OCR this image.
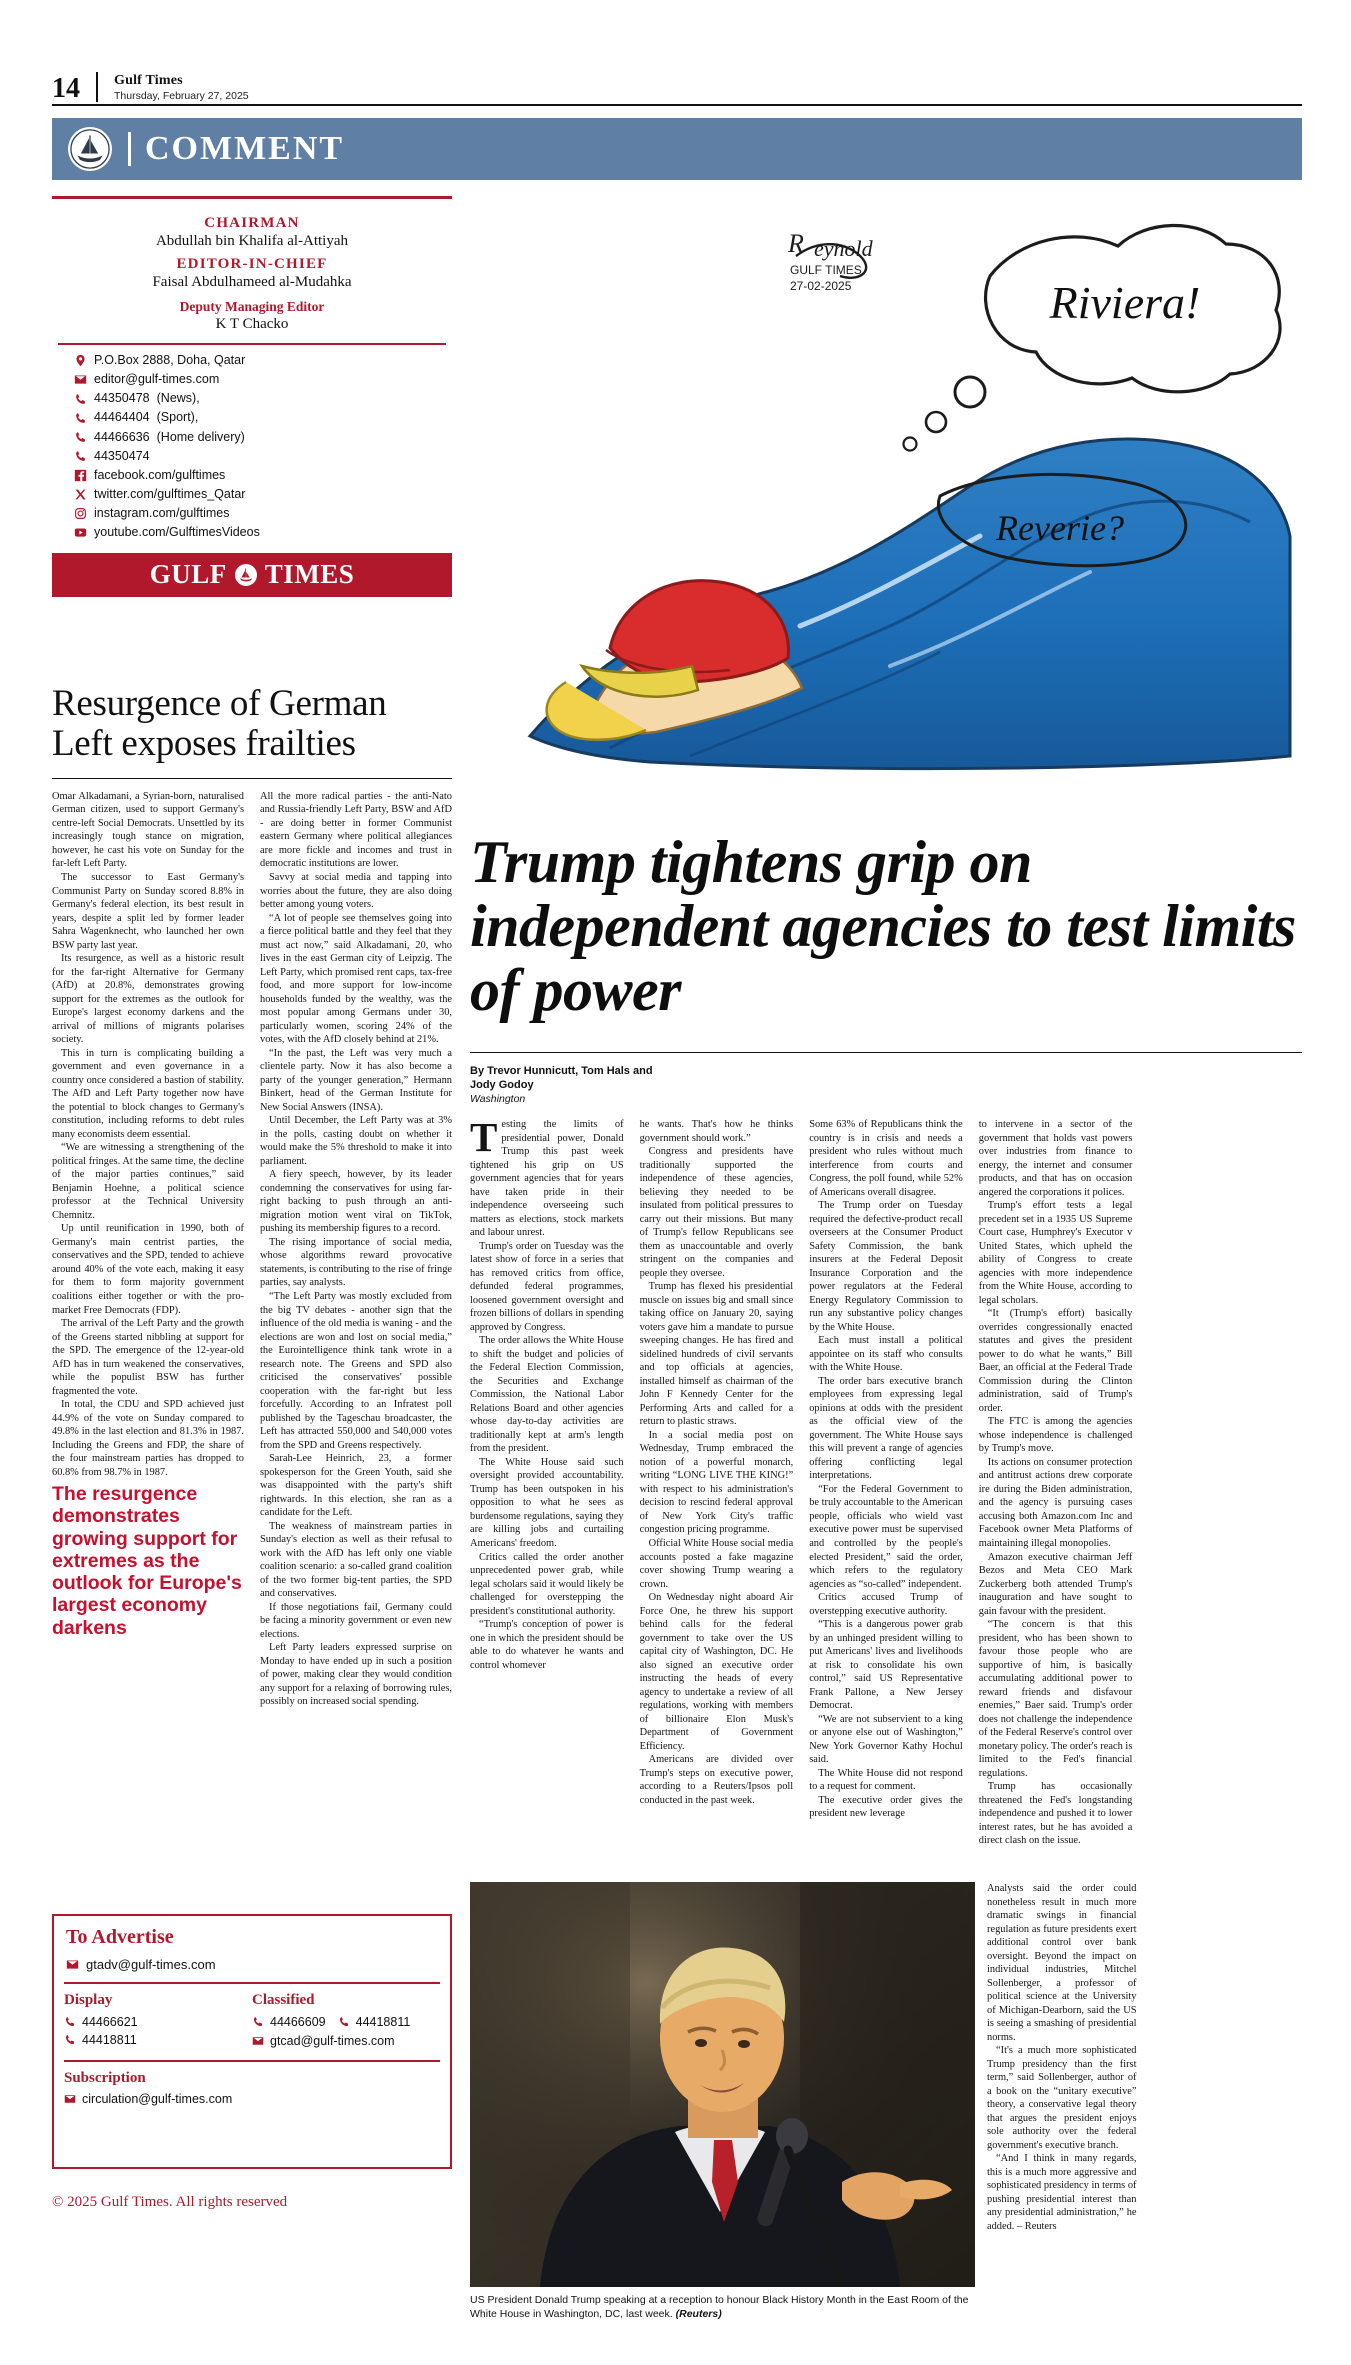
14 Gulf Times
Thursday, February 27, 2025
COMMENT
CHAIRMAN
Abdullah bin Khalifa al-Attiyah
EDITOR-IN-CHIEF
Faisal Abdulhameed al-Mudahka
Deputy Managing Editor
K T Chacko
P.O.Box 2888, Doha, Qatar
editor@gulf-times.com
44350478 (News),
44464404 (Sport),
44466636 (Home delivery)
44350474
facebook.com/gulftimes
twitter.com/gulftimes_Qatar
instagram.com/gulftimes
youtube.com/GulftimesVideos
GULF TIMES
Resurgence of German Left exposes frailties

Omar Alkadamani, a Syrian-born, naturalised German citizen, used to support Germany's centre-left Social Democrats. Unsettled by its increasingly tough stance on migration, however, he cast his vote on Sunday for the far-left Left Party.

The successor to East Germany's Communist Party on Sunday scored 8.8% in Germany's federal election, its best result in years, despite a split led by former leader Sahra Wagenknecht, who launched her own BSW party last year.

Its resurgence, as well as a historic result for the far-right Alternative for Germany (AfD) at 20.8%, demonstrates growing support for the extremes as the outlook for Europe's largest economy darkens and the arrival of millions of migrants polarises society.

This in turn is complicating building a government and even governance in a country once considered a bastion of stability. The AfD and Left Party together now have the potential to block changes to Germany's constitution, including reforms to debt rules many economists deem essential.

“We are witnessing a strengthening of the political fringes. At the same time, the decline of the major parties continues,” said Benjamin Hoehne, a political science professor at the Technical University Chemnitz.

Up until reunification in 1990, both of Germany's main centrist parties, the conservatives and the SPD, tended to achieve around 40% of the vote each, making it easy for them to form majority government coalitions either together or with the pro-market Free Democrats (FDP).

The arrival of the Left Party and the growth of the Greens started nibbling at support for the SPD. The emergence of the 12-year-old AfD has in turn weakened the conservatives, while the populist BSW has further fragmented the vote.

In total, the CDU and SPD achieved just 44.9% of the vote on Sunday compared to 49.8% in the last election and 81.3% in 1987. Including the Greens and FDP, the share of the four mainstream parties has dropped to 60.8% from 98.7% in 1987.

The resurgence demonstrates growing support for extremes as the outlook for Europe's largest economy darkens

All the more radical parties - the anti-Nato and Russia-friendly Left Party, BSW and AfD - are doing better in former Communist eastern Germany where political allegiances are more fickle and incomes and trust in democratic institutions are lower.

Savvy at social media and tapping into worries about the future, they are also doing better among young voters.

“A lot of people see themselves going into a fierce political battle and they feel that they must act now,” said Alkadamani, 20, who lives in the east German city of Leipzig. The Left Party, which promised rent caps, tax-free food, and more support for low-income households funded by the wealthy, was the most popular among Germans under 30, particularly women, scoring 24% of the votes, with the AfD closely behind at 21%.

“In the past, the Left was very much a clientele party. Now it has also become a party of the younger generation,” Hermann Binkert, head of the German Institute for New Social Answers (INSA).

Until December, the Left Party was at 3% in the polls, casting doubt on whether it would make the 5% threshold to make it into parliament.

A fiery speech, however, by its leader condemning the conservatives for using far-right backing to push through an anti-migration motion went viral on TikTok, pushing its membership figures to a record.

The rising importance of social media, whose algorithms reward provocative statements, is contributing to the rise of fringe parties, say analysts.

“The Left Party was mostly excluded from the big TV debates - another sign that the influence of the old media is waning - and the elections are won and lost on social media,” the Eurointelligence think tank wrote in a research note. The Greens and SPD also criticised the conservatives' possible cooperation with the far-right but less forcefully. According to an Infratest poll published by the Tageschau broadcaster, the Left has attracted 550,000 and 540,000 votes from the SPD and Greens respectively.

Sarah-Lee Heinrich, 23, a former spokesperson for the Green Youth, said she was disappointed with the party's shift rightwards. In this election, she ran as a candidate for the Left.

The weakness of mainstream parties in Sunday's election as well as their refusal to work with the AfD has left only one viable coalition scenario: a so-called grand coalition of the two former big-tent parties, the SPD and conservatives.

If those negotiations fail, Germany could be facing a minority government or even new elections.

Left Party leaders expressed surprise on Monday to have ended up in such a position of power, making clear they would condition any support for a relaxing of borrowing rules, possibly on increased social spending.

To Advertise
gtadv@gulf-times.com
Display
44466621
44418811
Classified
44466609 44418811
gtcad@gulf-times.com
Subscription
circulation@gulf-times.com
© 2025 Gulf Times. All rights reserved
Riviera!
Reverie?
R eynold
GULF TIMES
27-02-2025
Trump tightens grip on independent agencies to test limits of power
By Trevor Hunnicutt, Tom Hals and Jody Godoy
Washington

Testing the limits of presidential power, Donald Trump this past week tightened his grip on US government agencies that for years have taken pride in their independence overseeing such matters as elections, stock markets and labour unrest.

Trump's order on Tuesday was the latest show of force in a series that has removed critics from office, defunded federal programmes, loosened government oversight and frozen billions of dollars in spending approved by Congress.

The order allows the White House to shift the budget and policies of the Federal Election Commission, the Securities and Exchange Commission, the National Labor Relations Board and other agencies whose day-to-day activities are traditionally kept at arm's length from the president.

The White House said such oversight provided accountability. Trump has been outspoken in his opposition to what he sees as burdensome regulations, saying they are killing jobs and curtailing Americans' freedom.

Critics called the order another unprecedented power grab, while legal scholars said it would likely be challenged for overstepping the president's constitutional authority.

“Trump's conception of power is one in which the president should be able to do whatever he wants and control whomever

he wants. That's how he thinks government should work.”

Congress and presidents have traditionally supported the independence of these agencies, believing they needed to be insulated from political pressures to carry out their missions. But many of Trump's fellow Republicans see them as unaccountable and overly stringent on the companies and people they oversee.

Trump has flexed his presidential muscle on issues big and small since taking office on January 20, saying voters gave him a mandate to pursue sweeping changes. He has fired and sidelined hundreds of civil servants and top officials at agencies, installed himself as chairman of the John F Kennedy Center for the Performing Arts and called for a return to plastic straws.

In a social media post on Wednesday, Trump embraced the notion of a powerful monarch, writing “LONG LIVE THE KING!” with respect to his administration's decision to rescind federal approval of New York City's traffic congestion pricing programme.

Official White House social media accounts posted a fake magazine cover showing Trump wearing a crown.

On Wednesday night aboard Air Force One, he threw his support behind calls for the federal government to take over the US capital city of Washington, DC. He also signed an executive order instructing the heads of every agency to undertake a review of all regulations, working with members of billionaire Elon Musk's Department of Government Efficiency.

Americans are divided over Trump's steps on executive power, according to a Reuters/Ipsos poll conducted in the past week.

Some 63% of Republicans think the country is in crisis and needs a president who rules without much interference from courts and Congress, the poll found, while 52% of Americans overall disagree.

The Trump order on Tuesday required the defective-product recall overseers at the Consumer Product Safety Commission, the bank insurers at the Federal Deposit Insurance Corporation and the power regulators at the Federal Energy Regulatory Commission to run any substantive policy changes by the White House.

Each must install a political appointee on its staff who consults with the White House.

The order bars executive branch employees from expressing legal opinions at odds with the president as the official view of the government. The White House says this will prevent a range of agencies offering conflicting legal interpretations.

“For the Federal Government to be truly accountable to the American people, officials who wield vast executive power must be supervised and controlled by the people's elected President,” said the order, which refers to the regulatory agencies as “so-called” independent.

Critics accused Trump of overstepping executive authority.

“This is a dangerous power grab by an unhinged president willing to put Americans' lives and livelihoods at risk to consolidate his own control,” said US Representative Frank Pallone, a New Jersey Democrat.

“We are not subservient to a king or anyone else out of Washington,” New York Governor Kathy Hochul said.

The White House did not respond to a request for comment.

The executive order gives the president new leverage

to intervene in a sector of the government that holds vast powers over industries from finance to energy, the internet and consumer products, and that has on occasion angered the corporations it polices.

Trump's effort tests a legal precedent set in a 1935 US Supreme Court case, Humphrey's Executor v United States, which upheld the ability of Congress to create agencies with more independence from the White House, according to legal scholars.

“It (Trump's effort) basically overrides congressionally enacted statutes and gives the president power to do what he wants,” Bill Baer, an official at the Federal Trade Commission during the Clinton administration, said of Trump's order.

The FTC is among the agencies whose independence is challenged by Trump's move.

Its actions on consumer protection and antitrust actions drew corporate ire during the Biden administration, and the agency is pursuing cases accusing both Amazon.com Inc and Facebook owner Meta Platforms of maintaining illegal monopolies.

Amazon executive chairman Jeff Bezos and Meta CEO Mark Zuckerberg both attended Trump's inauguration and have sought to gain favour with the president.

“The concern is that this president, who has been shown to favour those people who are supportive of him, is basically accumulating additional power to reward friends and disfavour enemies,” Baer said. Trump's order does not challenge the independence of the Federal Reserve's control over monetary policy. The order's reach is limited to the Fed's financial regulations.

Trump has occasionally threatened the Fed's longstanding independence and pushed it to lower interest rates, but he has avoided a direct clash on the issue.

US President Donald Trump speaking at a reception to honour Black History Month in the East Room of the White House in Washington, DC, last week. (Reuters)

Analysts said the order could nonetheless result in much more dramatic swings in financial regulation as future presidents exert additional control over bank oversight. Beyond the impact on individual industries, Mitchel Sollenberger, a professor of political science at the University of Michigan-Dearborn, said the US is seeing a smashing of presidential norms.

“It's a much more sophisticated Trump presidency than the first term,” said Sollenberger, author of a book on the “unitary executive” theory, a conservative legal theory that argues the president enjoys sole authority over the federal government's executive branch.

“And I think in many regards, this is a much more aggressive and sophisticated presidency in terms of pushing presidential interest than any presidential administration,” he added. – Reuters
